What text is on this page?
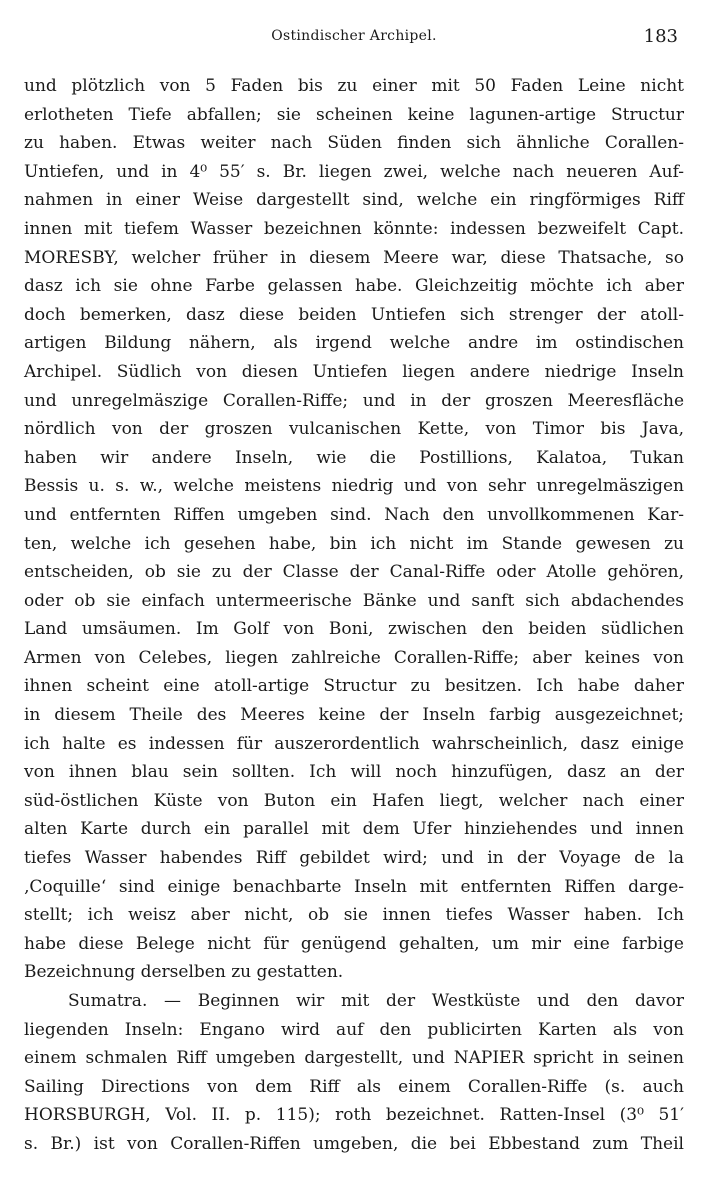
Ostindischer Archipel.	183
und plötzlich von 5 Faden bis zu einer mit 50 Faden Leine nicht
erlotheten Tiefe abfallen; sie scheinen keine lagunen-artige Structur
zu haben. Etwas weiter nach Süden finden sich ähnliche Corallen-
Untiefen, und in 4⁰ 55′ s. Br. liegen zwei, welche nach neueren Auf-
nahmen in einer Weise dargestellt sind, welche ein ringförmiges Riff
innen mit tiefem Wasser bezeichnen könnte: indessen bezweifelt Capt.
MORESBY, welcher früher in diesem Meere war, diese Thatsache, so
dasz ich sie ohne Farbe gelassen habe. Gleichzeitig möchte ich aber
doch bemerken, dasz diese beiden Untiefen sich strenger der atoll-
artigen Bildung nähern, als irgend welche andre im ostindischen
Archipel. Südlich von diesen Untiefen liegen andere niedrige Inseln
und unregelmäszige Corallen-Riffe; und in der groszen Meeresfläche
nördlich von der groszen vulcanischen Kette, von Timor bis Java,
haben wir andere Inseln, wie die Postillions, Kalatoa, Tukan
Bessis u. s. w., welche meistens niedrig und von sehr unregelmäszigen
und entfernten Riffen umgeben sind. Nach den unvollkommenen Kar-
ten, welche ich gesehen habe, bin ich nicht im Stande gewesen zu
entscheiden, ob sie zu der Classe der Canal-Riffe oder Atolle gehören,
oder ob sie einfach untermeerische Bänke und sanft sich abdachendes
Land umsäumen. Im Golf von Boni, zwischen den beiden südlichen
Armen von Celebes, liegen zahlreiche Corallen-Riffe; aber keines von
ihnen scheint eine atoll-artige Structur zu besitzen. Ich habe daher
in diesem Theile des Meeres keine der Inseln farbig ausgezeichnet;
ich halte es indessen für auszerordentlich wahrscheinlich, dasz einige
von ihnen blau sein sollten. Ich will noch hinzufügen, dasz an der
süd-östlichen Küste von Buton ein Hafen liegt, welcher nach einer
alten Karte durch ein parallel mit dem Ufer hinziehendes und innen
tiefes Wasser habendes Riff gebildet wird; und in der Voyage de la
‚Coquille‘ sind einige benachbarte Inseln mit entfernten Riffen darge-
stellt; ich weisz aber nicht, ob sie innen tiefes Wasser haben. Ich
habe diese Belege nicht für genügend gehalten, um mir eine farbige
Bezeichnung derselben zu gestatten.
Sumatra. — Beginnen wir mit der Westküste und den davor
liegenden Inseln: Engano wird auf den publicirten Karten als von
einem schmalen Riff umgeben dargestellt, und NAPIER spricht in seinen
Sailing Directions von dem Riff als einem Corallen-Riffe (s. auch
HORSBURGH, Vol. II. p. 115); roth bezeichnet. Ratten-Insel (3⁰ 51′
s. Br.) ist von Corallen-Riffen umgeben, die bei Ebbestand zum Theil
